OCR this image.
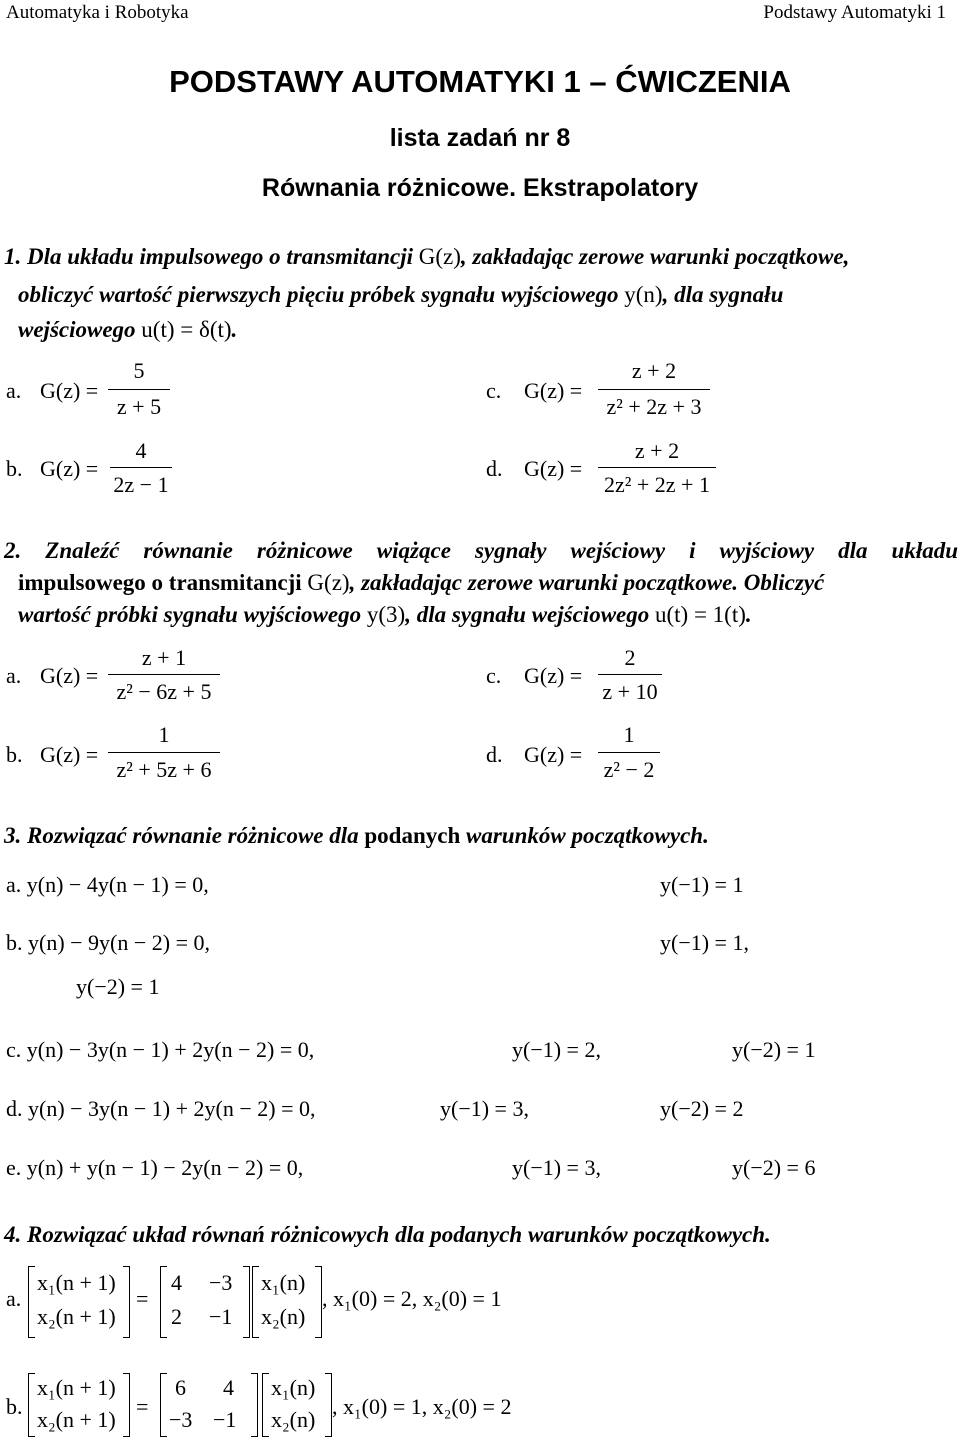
Automatyka i Robotyka	Podstawy Automatyki 1
PODSTAWY AUTOMATYKI 1 – ĆWICZENIA
lista zadań nr 8
Równania różnicowe. Ekstrapolatory
1. Dla układu impulsowego o transmitancji G(z), zakładając zerowe warunki początkowe,
obliczyć wartość pierwszych pięciu próbek sygnału wyjściowego y(n), dla sygnału
wejściowego u(t) = δ(t).
a. G(z) =
5
z + 5
b. G(z) =
4
2z − 1
c. G(z) =
z + 2
z² + 2z + 3
d. G(z) =
z + 2
2z² + 2z + 1
2. Znaleźć równanie różnicowe wiążące sygnały wejściowy i wyjściowy dla układu
impulsowego o transmitancji G(z), zakładając zerowe warunki początkowe. Obliczyć
wartość próbki sygnału wyjściowego y(3), dla sygnału wejściowego u(t) = 1(t).
a. G(z) =
z + 1
z² − 6z + 5
b. G(z) =
1
z² + 5z + 6
c. G(z) =
2
z + 10
d. G(z) =
1
z² − 2
3. Rozwiązać równanie różnicowe dla podanych warunków początkowych.
a. y(n) − 4y(n − 1) = 0,	y(−1) = 1
b. y(n) − 9y(n − 2) = 0,	y(−1) = 1,
y(−2) = 1
c. y(n) − 3y(n − 1) + 2y(n − 2) = 0,	y(−1) = 2,	y(−2) = 1
d. y(n) − 3y(n − 1) + 2y(n − 2) = 0,	y(−1) = 3,	y(−2) = 2
e. y(n) + y(n − 1) − 2y(n − 2) = 0,	y(−1) = 3,	y(−2) = 6
4. Rozwiązać układ równań różnicowych dla podanych warunków początkowych.
a.
x₁(n + 1)
x₂(n + 1)
=
4 −3
2 −1
x₁(n)
x₂(n)
, x₁(0) = 2, x₂(0) = 1
b.
x₁(n + 1)
x₂(n + 1)
=
6 4
−3 −1
x₁(n)
x₂(n)
, x₁(0) = 1, x₂(0) = 2
